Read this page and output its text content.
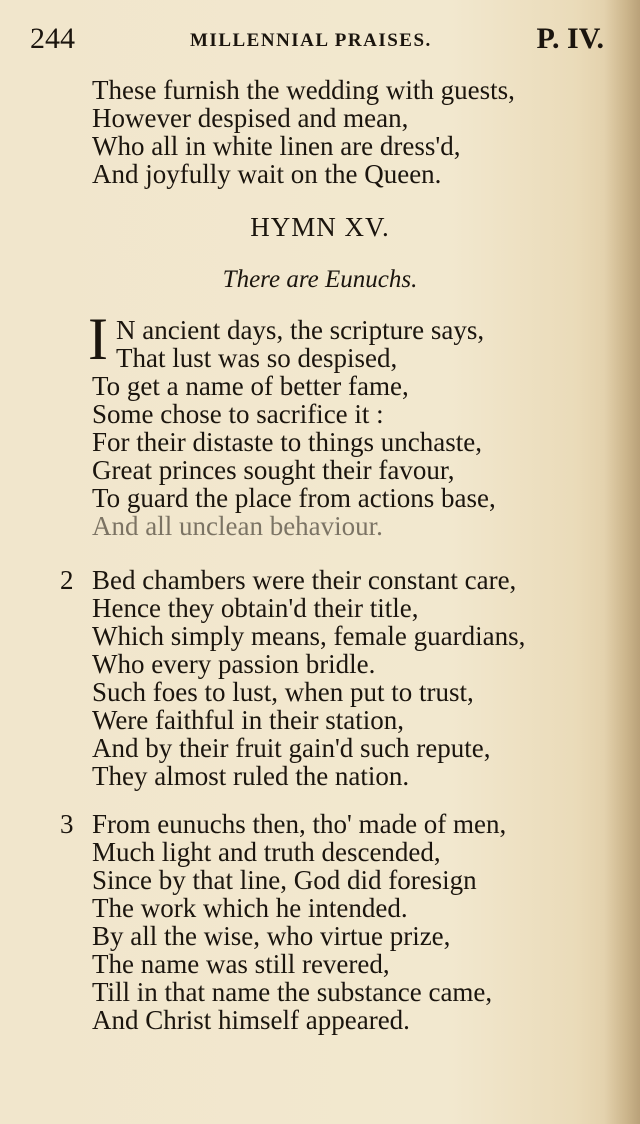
244	MILLENNIAL PRAISES.	P. IV.
These furnish the wedding with guests,
However despised and mean,
Who all in white linen are dress'd,
And joyfully wait on the Queen.
HYMN XV.
There are Eunuchs.
I N ancient days, the scripture says,
That lust was so despised,
To get a name of better fame,
Some chose to sacrifice it :
For their distaste to things unchaste,
Great princes sought their favour,
To guard the place from actions base,
And all unclean behaviour.
2 Bed chambers were their constant care,
Hence they obtain'd their title,
Which simply means, female guardians,
Who every passion bridle.
Such foes to lust, when put to trust,
Were faithful in their station,
And by their fruit gain'd such repute,
They almost ruled the nation.
3 From eunuchs then, tho' made of men,
Much light and truth descended,
Since by that line, God did foresign
The work which he intended.
By all the wise, who virtue prize,
The name was still revered,
Till in that name the substance came,
And Christ himself appeared.
